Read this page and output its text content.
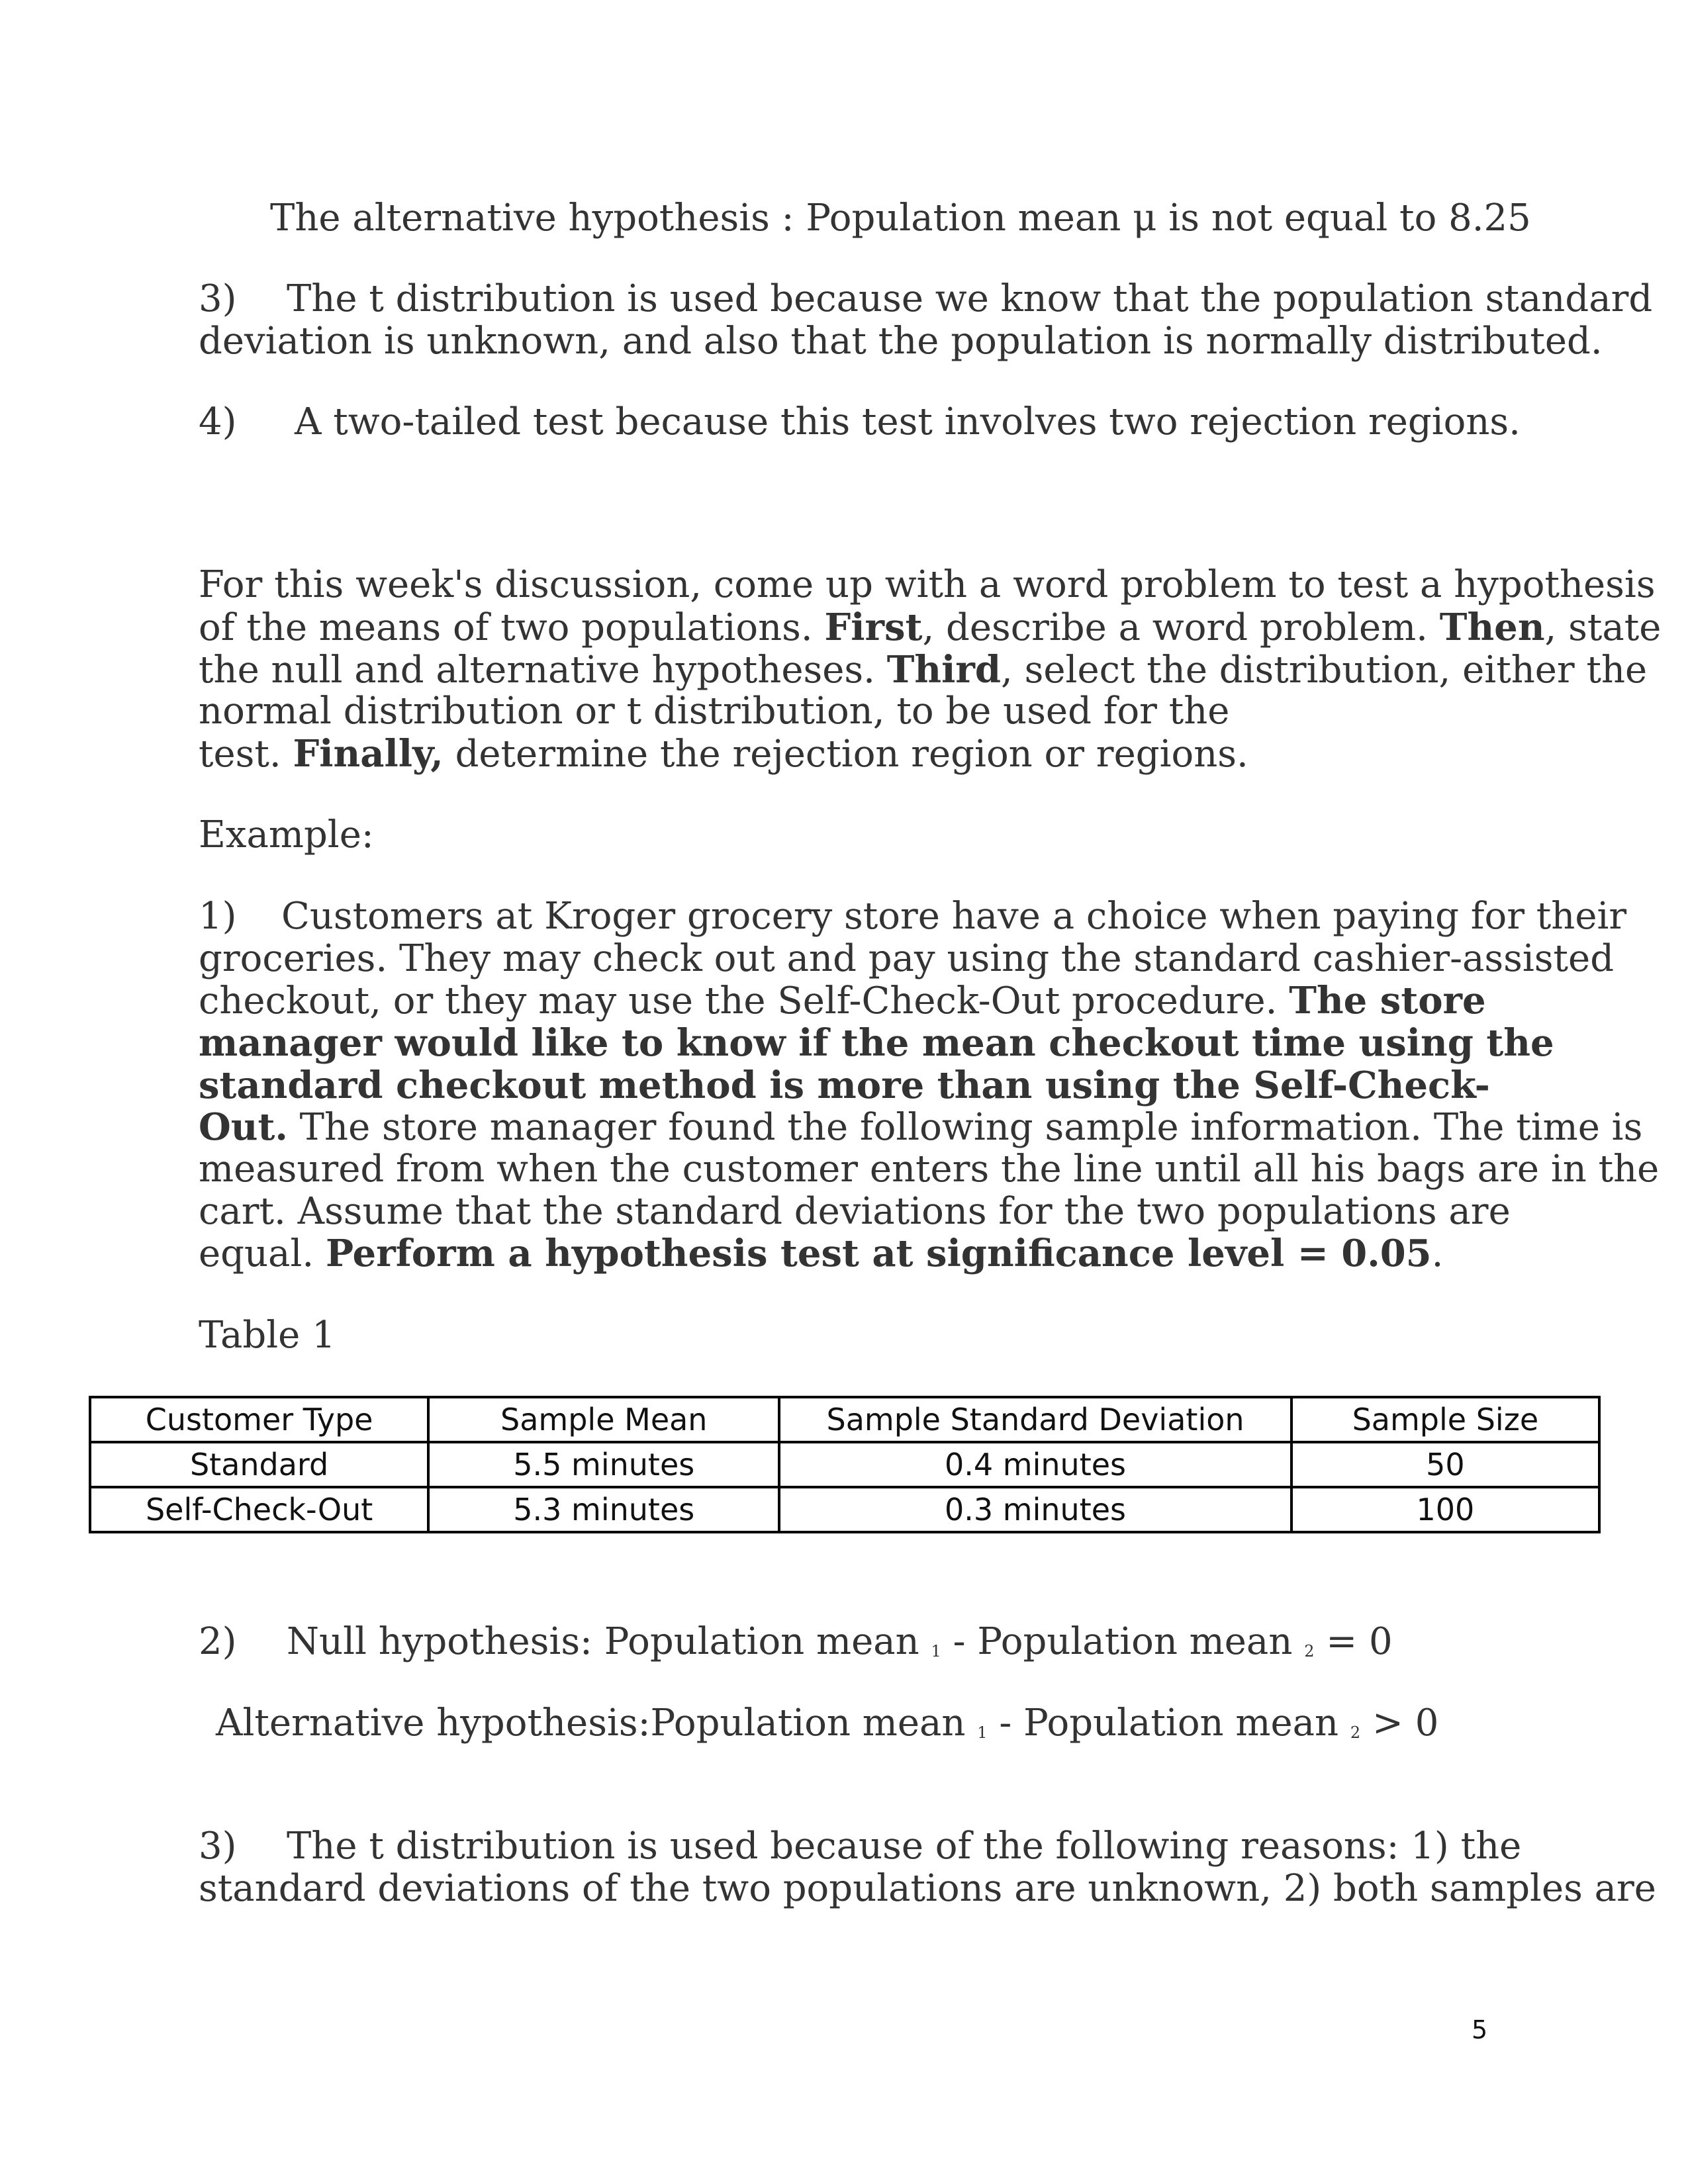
The alternative hypothesis : Population mean μ is not equal to 8.25

3) The t distribution is used because we know that the population standard

deviation is unknown, and also that the population is normally distributed.

4) A two-tailed test because this test involves two rejection regions.

For this week's discussion, come up with a word problem to test a hypothesis

of the means of two populations. First, describe a word problem. Then, state

the null and alternative hypotheses. Third, select the distribution, either the

normal distribution or t distribution, to be used for the

test. Finally, determine the rejection region or regions.

Example:

1) Customers at Kroger grocery store have a choice when paying for their

groceries. They may check out and pay using the standard cashier-assisted

checkout, or they may use the Self-Check-Out procedure. The store

manager would like to know if the mean checkout time using the

standard checkout method is more than using the Self-Check-

Out. The store manager found the following sample information. The time is

measured from when the customer enters the line until all his bags are in the

cart. Assume that the standard deviations for the two populations are

equal. Perform a hypothesis test at significance level = 0.05.

Table 1

Customer Type	Sample Mean	Sample Standard Deviation	Sample Size
Standard	5.5 minutes	0.4 minutes	50
Self-Check-Out	5.3 minutes	0.3 minutes	100

2) Null hypothesis: Population mean $_1$ - Population mean $_2$ = 0

Alternative hypothesis:Population mean $_1$ - Population mean $_2$ > 0

3) The t distribution is used because of the following reasons: 1) the

standard deviations of the two populations are unknown, 2) both samples are

5
